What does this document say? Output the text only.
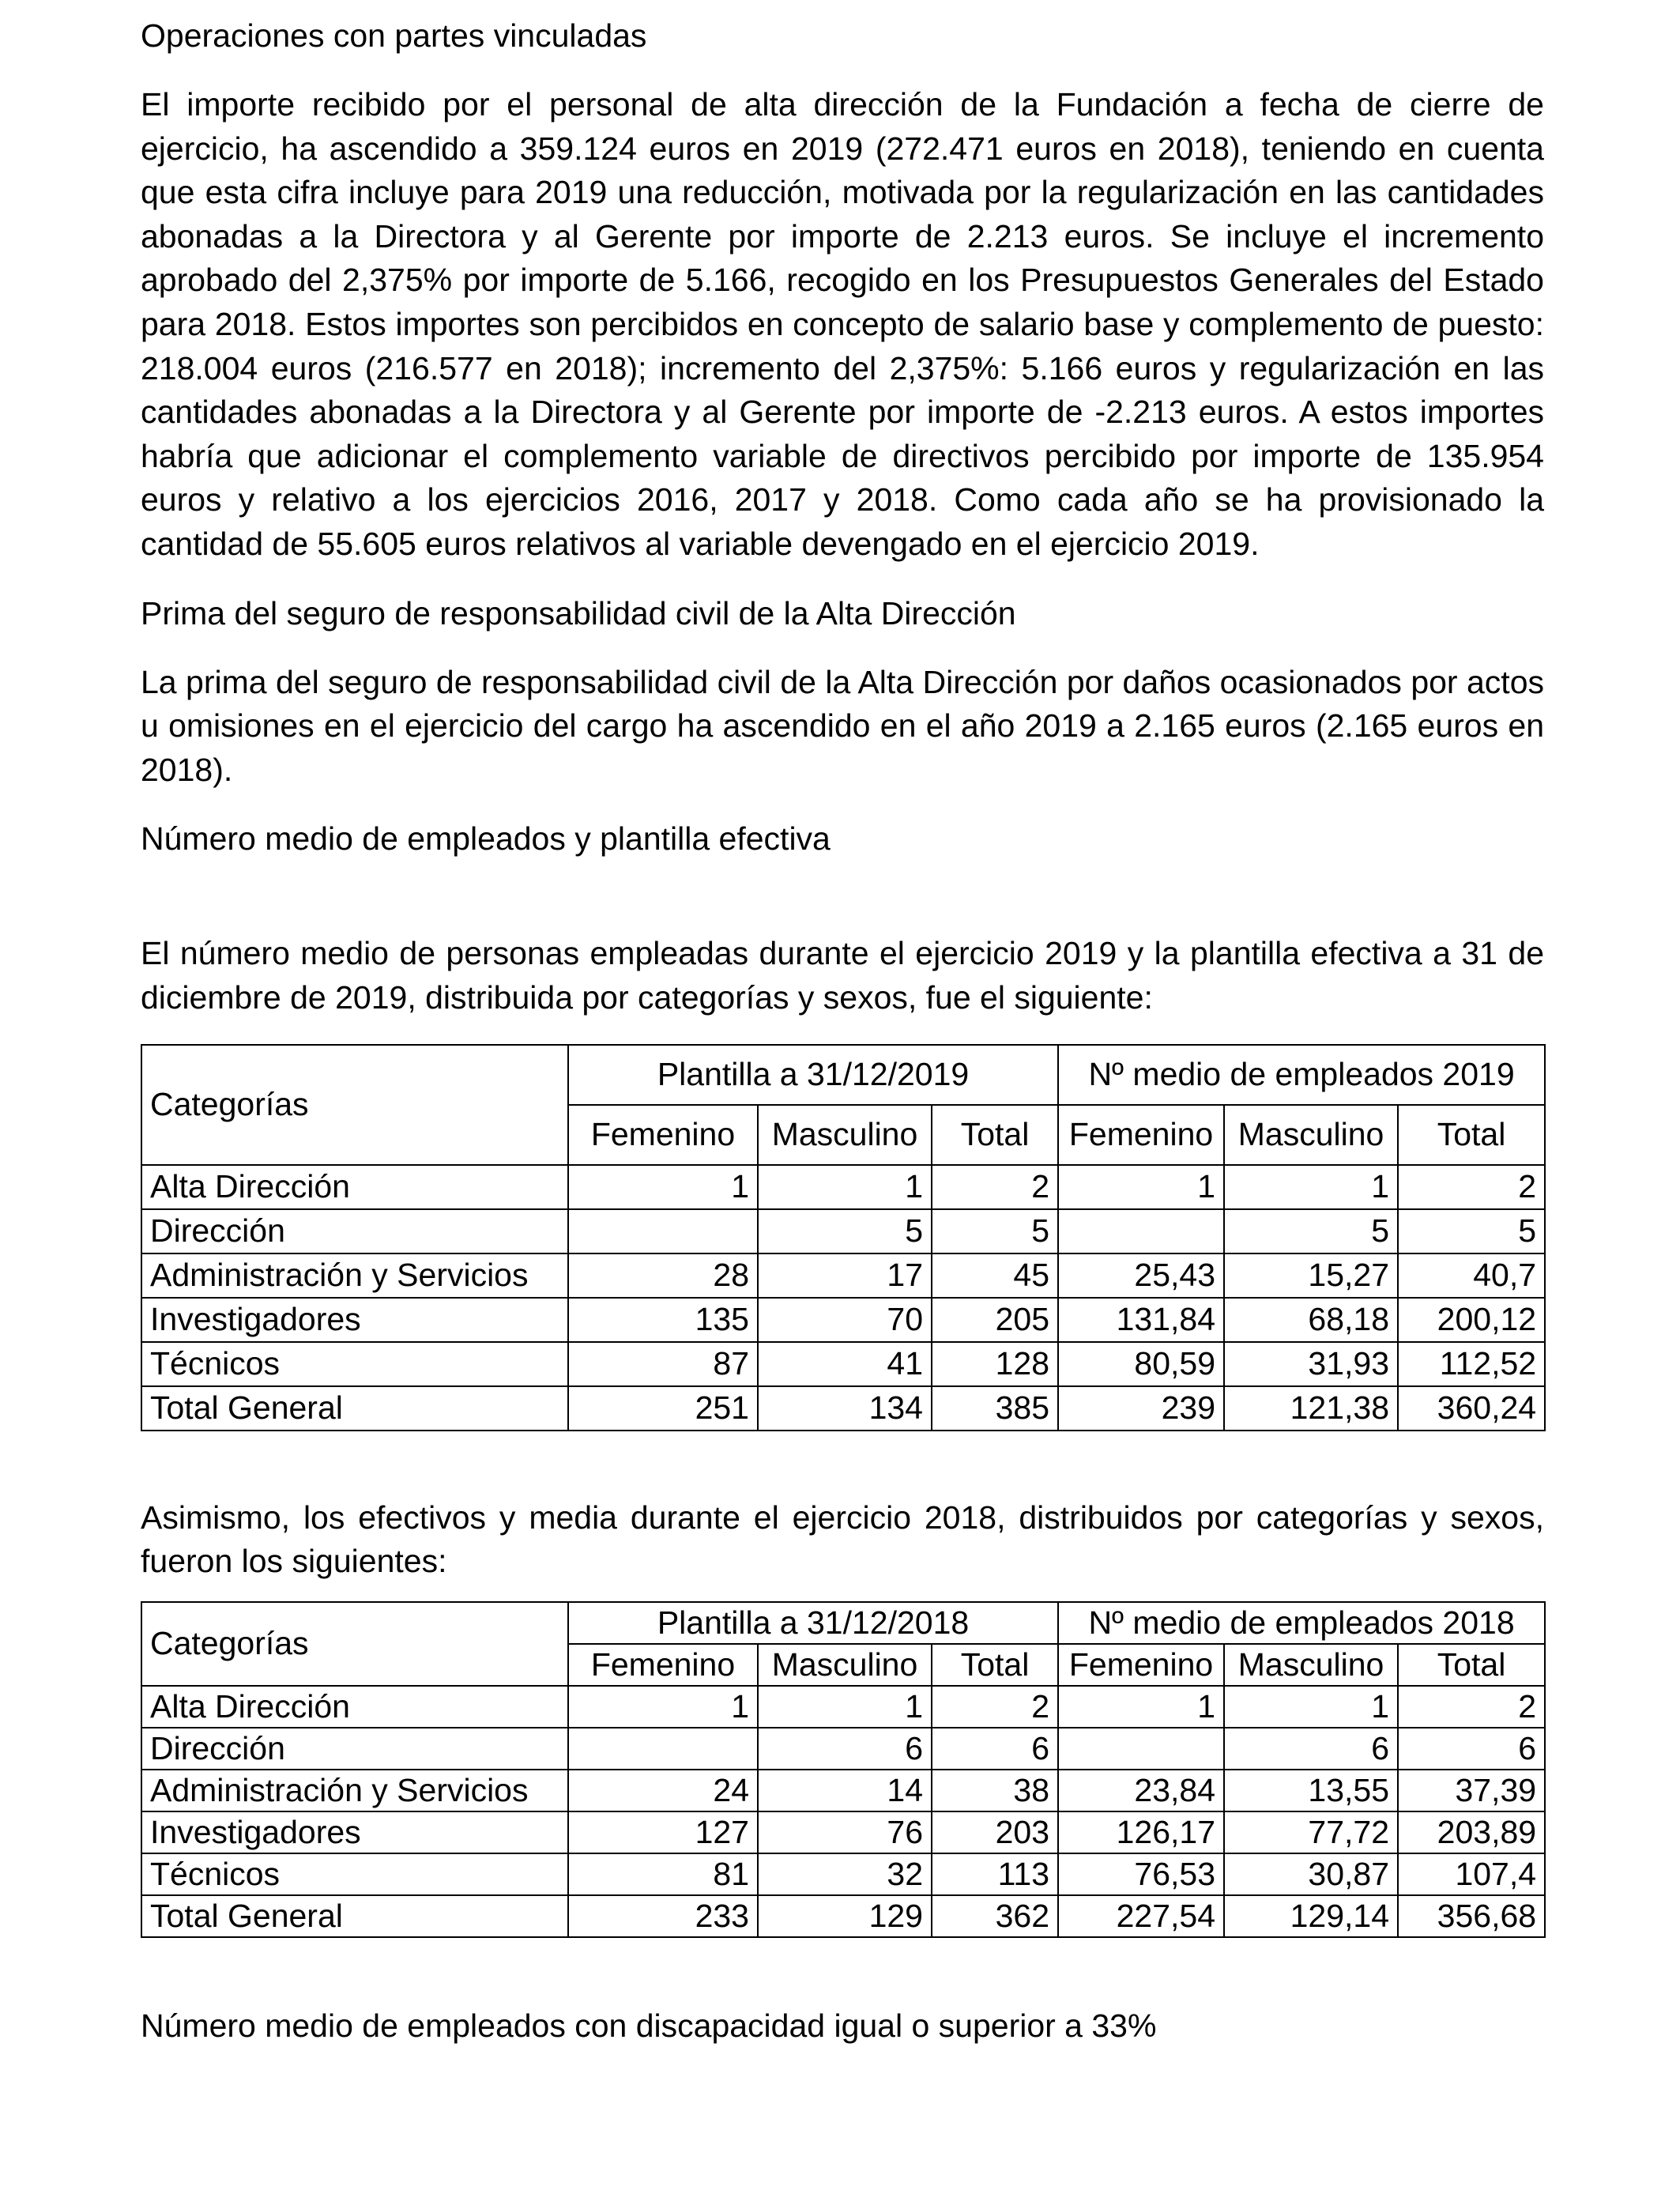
Operaciones con partes vinculadas

El importe recibido por el personal de alta dirección de la Fundación a fecha de cierre de ejercicio, ha ascendido a 359.124 euros en 2019 (272.471 euros en 2018), teniendo en cuenta que esta cifra incluye para 2019 una reducción, motivada por la regularización en las cantidades abonadas a la Directora y al Gerente por importe de 2.213 euros. Se incluye el incremento aprobado del 2,375% por importe de 5.166, recogido en los Presupuestos Generales del Estado para 2018. Estos importes son percibidos en concepto de salario base y complemento de puesto: 218.004 euros (216.577 en 2018); incremento del 2,375%: 5.166 euros y regularización en las cantidades abonadas a la Directora y al Gerente por importe de -2.213 euros. A estos importes habría que adicionar el complemento variable de directivos percibido por importe de 135.954 euros y relativo a los ejercicios 2016, 2017 y 2018. Como cada año se ha provisionado la cantidad de 55.605 euros relativos al variable devengado en el ejercicio 2019.

Prima del seguro de responsabilidad civil de la Alta Dirección

La prima del seguro de responsabilidad civil de la Alta Dirección por daños ocasionados por actos u omisiones en el ejercicio del cargo ha ascendido en el año 2019 a 2.165 euros (2.165 euros en 2018).

Número medio de empleados y plantilla efectiva

El número medio de personas empleadas durante el ejercicio 2019 y la plantilla efectiva a 31 de diciembre de 2019, distribuida por categorías y sexos, fue el siguiente:

Categorías	Plantilla a 31/12/2019			Nº medio de empleados 2019		
	Femenino	Masculino	Total	Femenino	Masculino	Total
Alta Dirección	1	1	2	1	1	2
Dirección		5	5		5	5
Administración y Servicios	28	17	45	25,43	15,27	40,7
Investigadores	135	70	205	131,84	68,18	200,12
Técnicos	87	41	128	80,59	31,93	112,52
Total General	251	134	385	239	121,38	360,24

Asimismo, los efectivos y media durante el ejercicio 2018, distribuidos por categorías y sexos, fueron los siguientes:

Categorías	Plantilla a 31/12/2018			Nº medio de empleados 2018		
	Femenino	Masculino	Total	Femenino	Masculino	Total
Alta Dirección	1	1	2	1	1	2
Dirección		6	6		6	6
Administración y Servicios	24	14	38	23,84	13,55	37,39
Investigadores	127	76	203	126,17	77,72	203,89
Técnicos	81	32	113	76,53	30,87	107,4
Total General	233	129	362	227,54	129,14	356,68

Número medio de empleados con discapacidad igual o superior a 33%
